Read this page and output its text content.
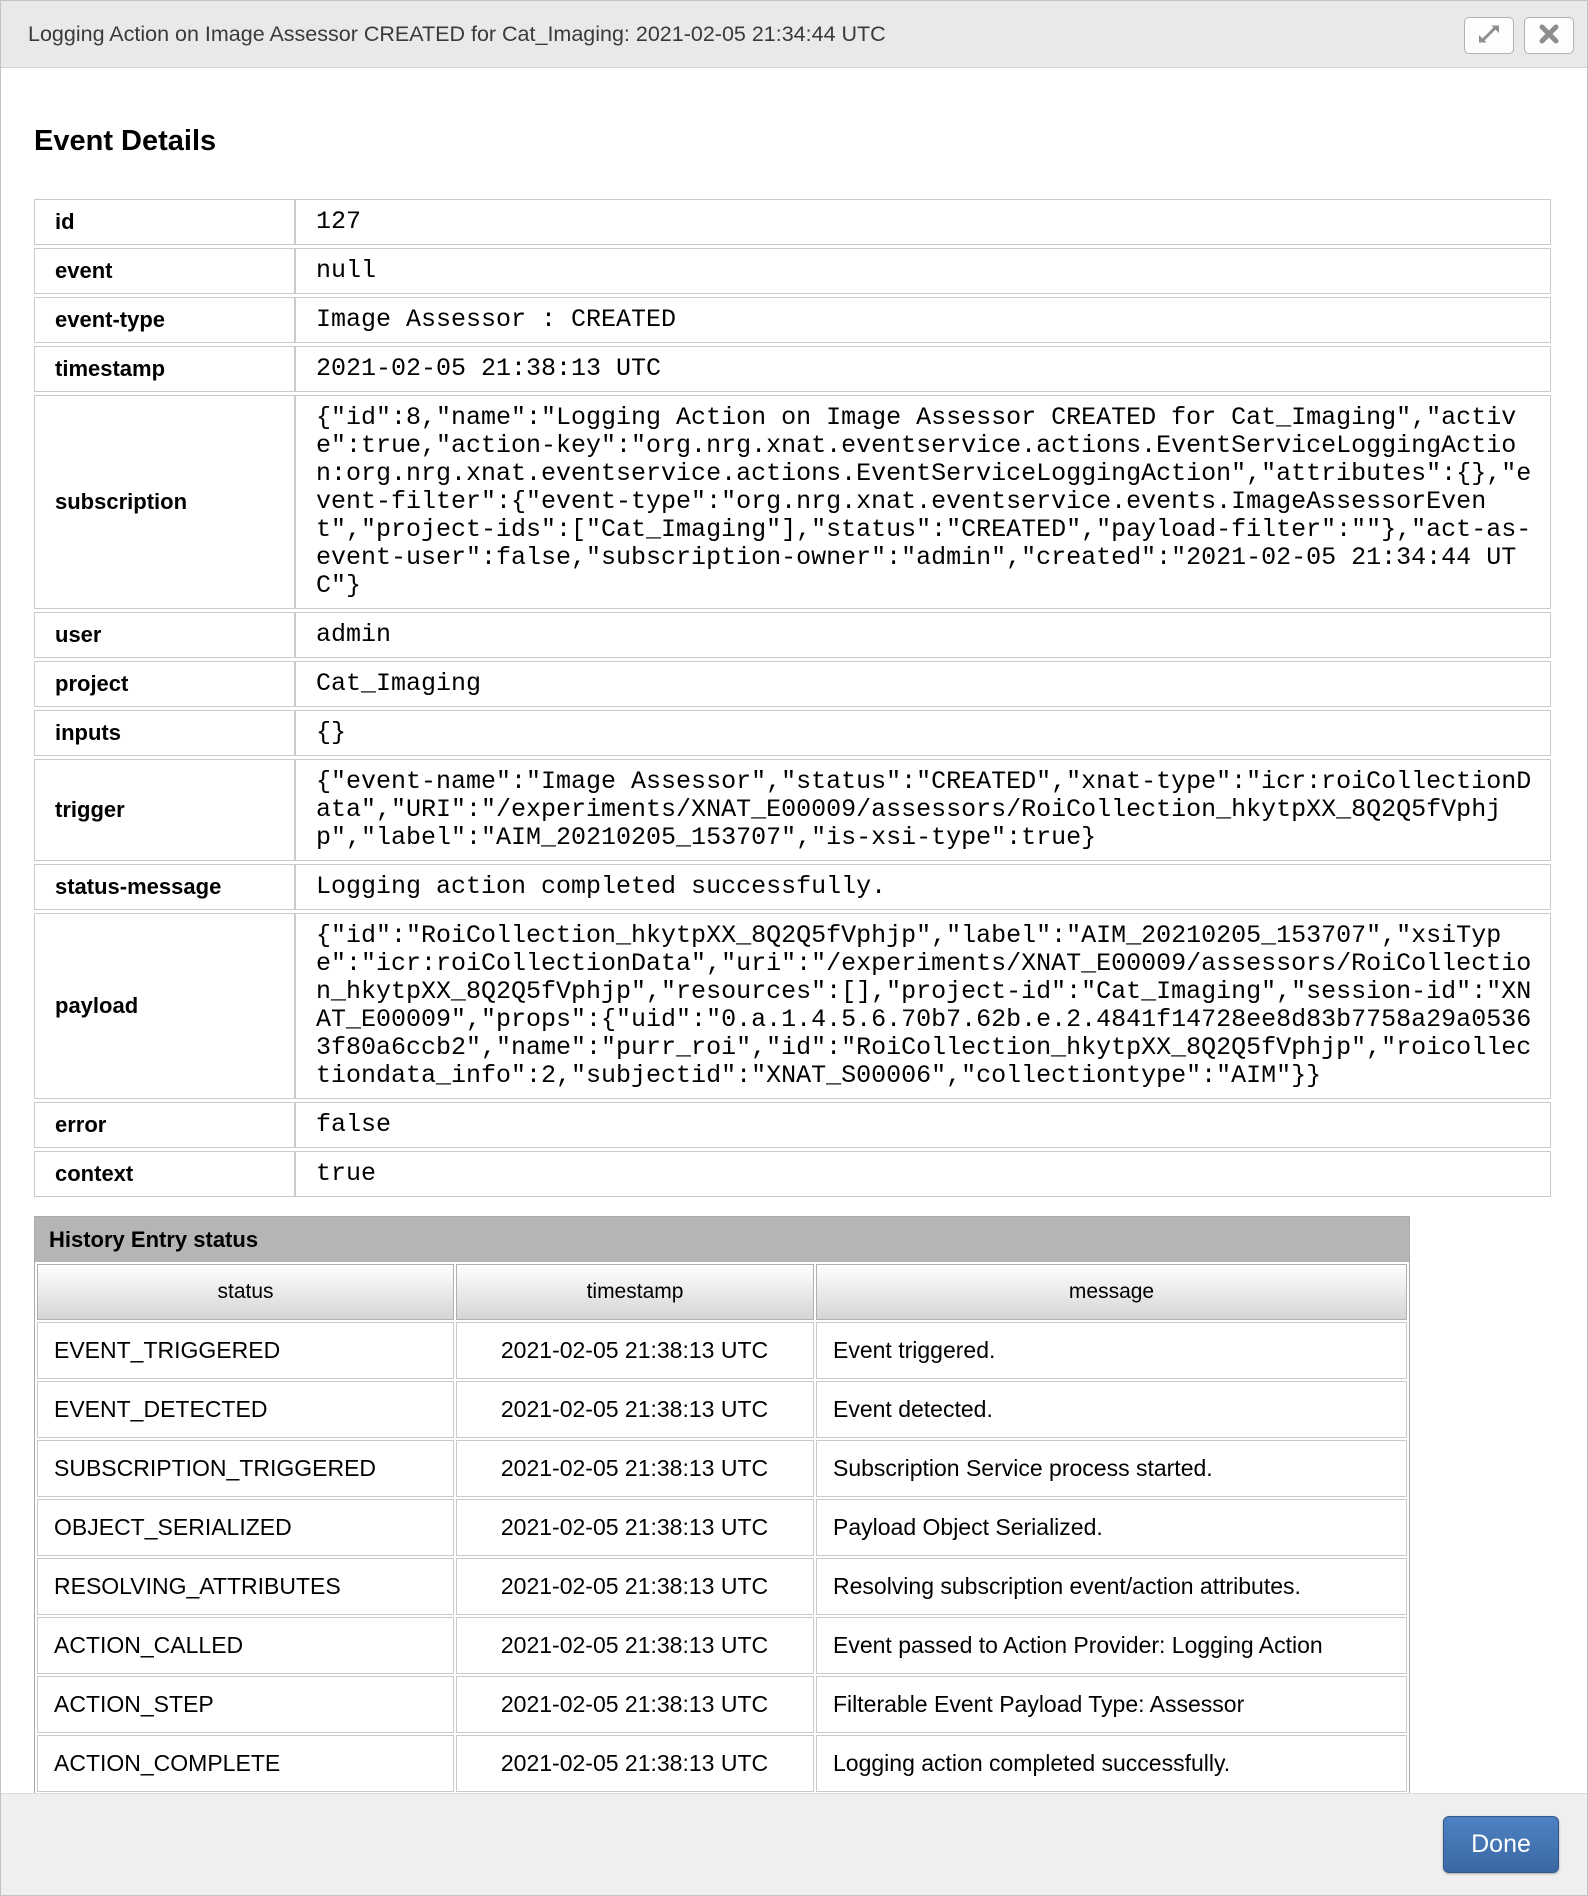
Logging Action on Image Assessor CREATED for Cat_Imaging: 2021-02-05 21:34:44 UTC
Event Details
id	127

event	null

event-type	Image Assessor : CREATED

timestamp	2021-02-05 21:38:13 UTC

subscription	{"id":8,"name":"Logging Action on Image Assessor CREATED for Cat_Imaging","active":true,"action-key":"org.nrg.xnat.eventservice.actions.EventServiceLoggingAction:org.nrg.xnat.eventservice.actions.EventServiceLoggingAction","attributes":{},"event-filter":{"event-type":"org.nrg.xnat.eventservice.events.ImageAssessorEvent","project-ids":["Cat_Imaging"],"status":"CREATED","payload-filter":""},"act-as-event-user":false,"subscription-owner":"admin","created":"2021-02-05 21:34:44 UTC"}

user	admin

project	Cat_Imaging

inputs	{}

trigger	{"event-name":"Image Assessor","status":"CREATED","xnat-type":"icr:roiCollectionData","URI":"/experiments/XNAT_E00009/assessors/RoiCollection_hkytpXX_8Q2Q5fVphjp","label":"AIM_20210205_153707","is-xsi-type":true}

status-message	Logging action completed successfully.

payload	{"id":"RoiCollection_hkytpXX_8Q2Q5fVphjp","label":"AIM_20210205_153707","xsiType":"icr:roiCollectionData","uri":"/experiments/XNAT_E00009/assessors/RoiCollection_hkytpXX_8Q2Q5fVphjp","resources":[],"project-id":"Cat_Imaging","session-id":"XNAT_E00009","props":{"uid":"0.a.1.4.5.6.70b7.62b.e.2.4841f14728ee8d83b7758a29a05363f80a6ccb2","name":"purr_roi","id":"RoiCollection_hkytpXX_8Q2Q5fVphjp","roicollectiondata_info":2,"subjectid":"XNAT_S00006","collectiontype":"AIM"}}

error	false

context	true
History Entry status
status	timestamp	message
EVENT_TRIGGERED	2021-02-05 21:38:13 UTC	Event triggered.
EVENT_DETECTED	2021-02-05 21:38:13 UTC	Event detected.
SUBSCRIPTION_TRIGGERED	2021-02-05 21:38:13 UTC	Subscription Service process started.
OBJECT_SERIALIZED	2021-02-05 21:38:13 UTC	Payload Object Serialized.
RESOLVING_ATTRIBUTES	2021-02-05 21:38:13 UTC	Resolving subscription event/action attributes.
ACTION_CALLED	2021-02-05 21:38:13 UTC	Event passed to Action Provider: Logging Action
ACTION_STEP	2021-02-05 21:38:13 UTC	Filterable Event Payload Type: Assessor
ACTION_COMPLETE	2021-02-05 21:38:13 UTC	Logging action completed successfully.
Done
